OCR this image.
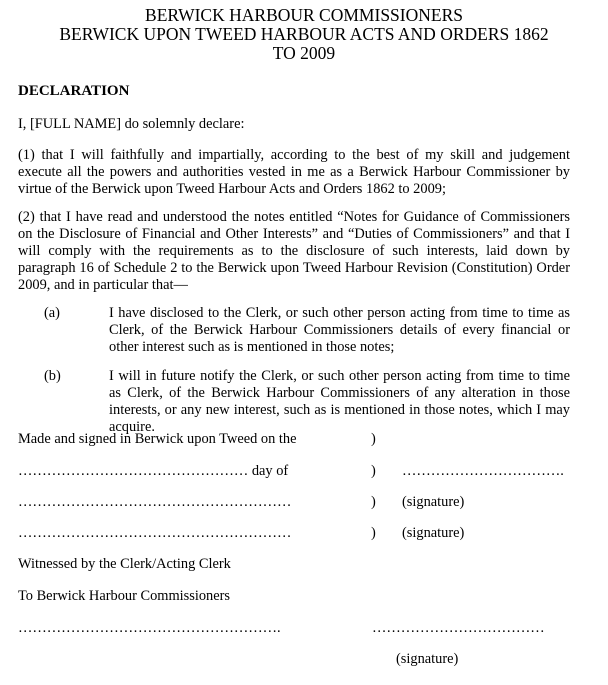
BERWICK HARBOUR COMMISSIONERS
BERWICK UPON TWEED HARBOUR ACTS AND ORDERS 1862
TO 2009
DECLARATION
I, [FULL NAME] do solemnly declare:
(1) that I will faithfully and impartially, according to the best of my skill and judgement execute all the powers and authorities vested in me as a Berwick Harbour Commissioner by virtue of the Berwick upon Tweed Harbour Acts and Orders 1862 to 2009;
(2) that I have read and understood the notes entitled “Notes for Guidance of Commissioners on the Disclosure of Financial and Other Interests” and “Duties of Commissioners” and that I will comply with the requirements as to the disclosure of such interests, laid down by paragraph 16 of Schedule 2 to the Berwick upon Tweed Harbour Revision (Constitution) Order 2009, and in particular that—
(a)	I have disclosed to the Clerk, or such other person acting from time to time as Clerk, of the Berwick Harbour Commissioners details of every financial or other interest such as is mentioned in those notes;
(b)	I will in future notify the Clerk, or such other person acting from time to time as Clerk, of the Berwick Harbour Commissioners of any alteration in those interests, or any new interest, such as is mentioned in those notes, which I may acquire.
Made and signed in Berwick upon Tweed on the	)
………………………………………… day of	) …………………………….
…………………………………………………	) (signature)
…………………………………………………	) (signature)
Witnessed by the Clerk/Acting Clerk
To Berwick Harbour Commissioners
……………………………………………….	………………………………
(signature)
